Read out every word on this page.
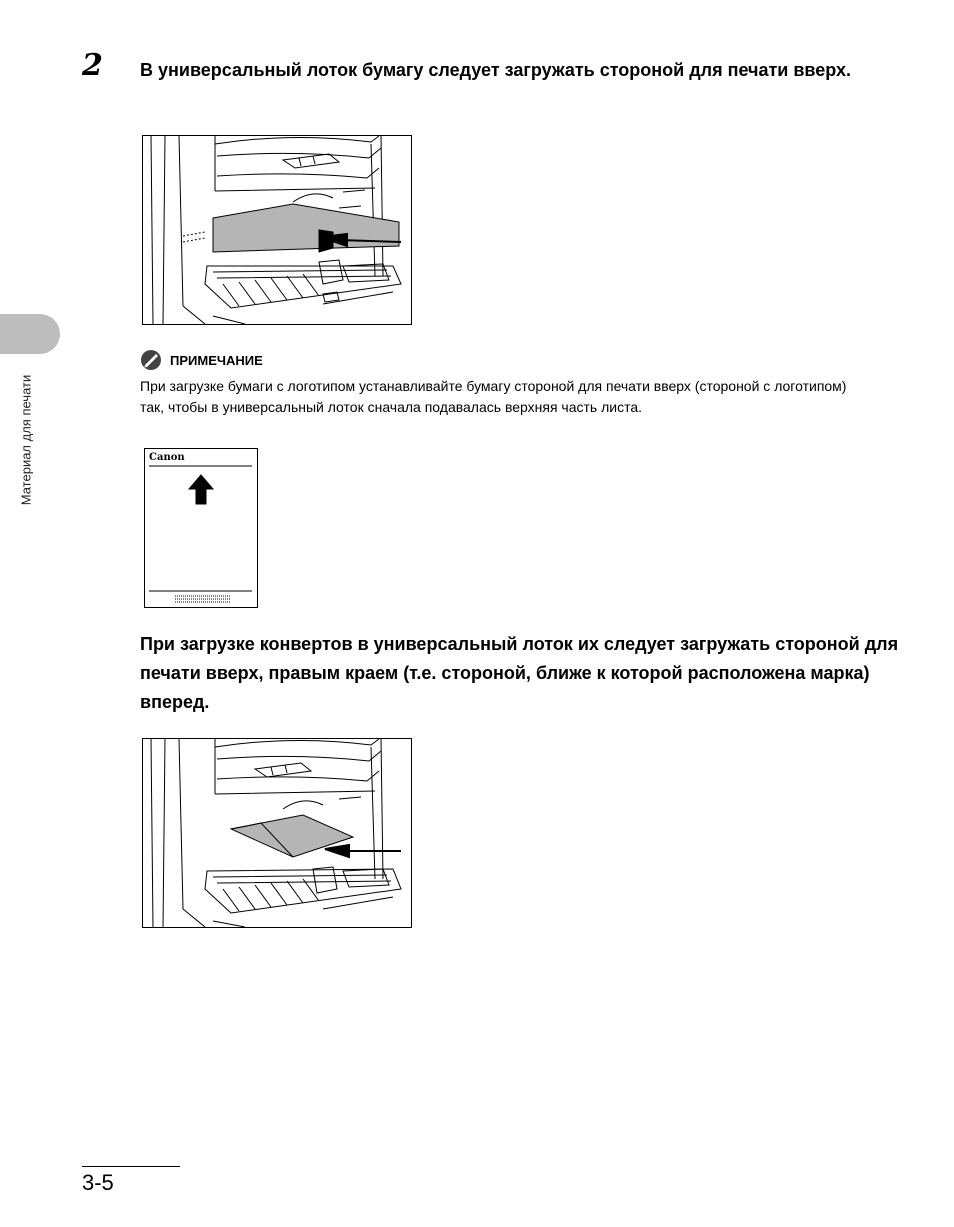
Материал для печати
2 В универсальный лоток бумагу следует загружать стороной для печати вверх.
ПРИМЕЧАНИЕ
При загрузке бумаги с логотипом устанавливайте бумагу стороной для печати вверх (стороной с логотипом) так, чтобы в универсальный лоток сначала подавалась верхняя часть листа.
Canon
При загрузке конвертов в универсальный лоток их следует загружать стороной для печати вверх, правым краем (т.е. стороной, ближе к которой расположена марка) вперед.
3-5
